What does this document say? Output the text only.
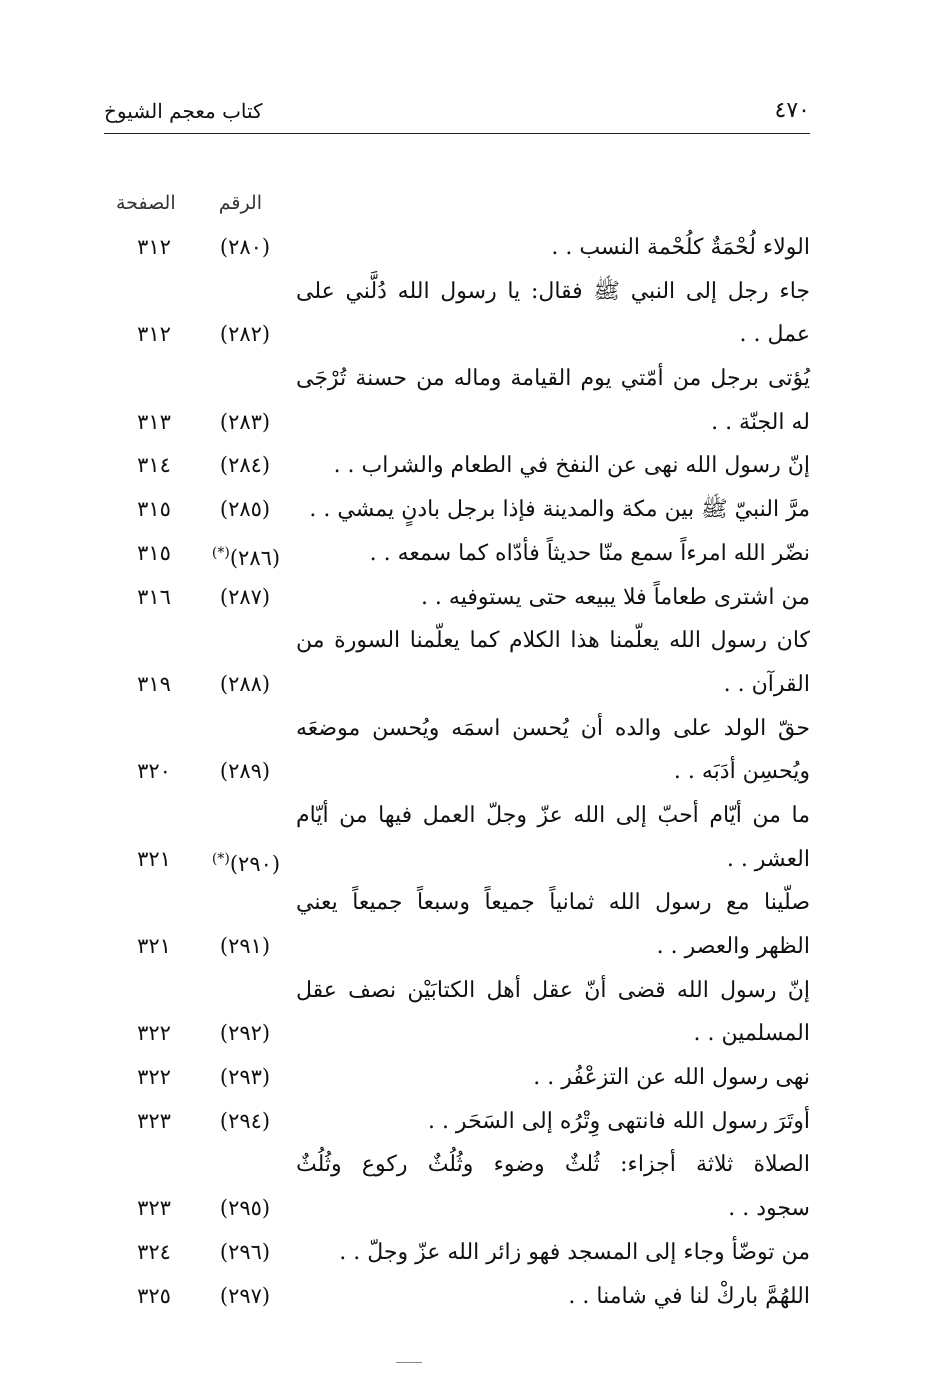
٤٧٠
كتاب معجم الشيوخ
الرقم
الصفحة
الولاء لُحْمَةٌ كلُحْمة النسب . .
(٢٨٠)
٣١٢
جاء رجل إلى النبي ﷺ فقال: يا رسول الله دُلَّني على
عمل . .
(٢٨٢)
٣١٢
يُؤتى برجل من أمّتي يوم القيامة وماله من حسنة تُرْجَى
له الجنّة . .
(٢٨٣)
٣١٣
إنّ رسول الله نهى عن النفخ في الطعام والشراب . .
(٢٨٤)
٣١٤
مرَّ النبيّ ﷺ بين مكة والمدينة فإذا برجل بادنٍ يمشي . .
(٢٨٥)
٣١٥
نضّر الله امرءاً سمع منّا حديثاً فأدّاه كما سمعه . .
(٢٨٦)(*)
٣١٥
من اشترى طعاماً فلا يبيعه حتى يستوفيه . .
(٢٨٧)
٣١٦
كان رسول الله يعلّمنا هذا الكلام كما يعلّمنا السورة من
القرآن . .
(٢٨٨)
٣١٩
حقّ الولد على والده أن يُحسن اسمَه ويُحسن موضعَه
ويُحسِن أدَبَه . .
(٢٨٩)
٣٢٠
ما من أيّام أحبّ إلى الله عزّ وجلّ العمل فيها من أيّام
العشر . .
(٢٩٠)(*)
٣٢١
صلّينا مع رسول الله ثمانياً جميعاً وسبعاً جميعاً يعني
الظهر والعصر . .
(٢٩١)
٣٢١
إنّ رسول الله قضى أنّ عقل أهل الكتابَيْن نصف عقل
المسلمين . .
(٢٩٢)
٣٢٢
نهى رسول الله عن التزعْفُر . .
(٢٩٣)
٣٢٢
أوتَرَ رسول الله فانتهى وِتْرُه إلى السَحَر . .
(٢٩٤)
٣٢٣
الصلاة ثلاثة أجزاء: ثُلثٌ وضوء وثُلُثٌ ركوع وثُلُثٌ
سجود . .
(٢٩٥)
٣٢٣
من توضّأ وجاء إلى المسجد فهو زائر الله عزّ وجلّ . .
(٢٩٦)
٣٢٤
اللهُمَّ باركْ لنا في شامنا . .
(٢٩٧)
٣٢٥
